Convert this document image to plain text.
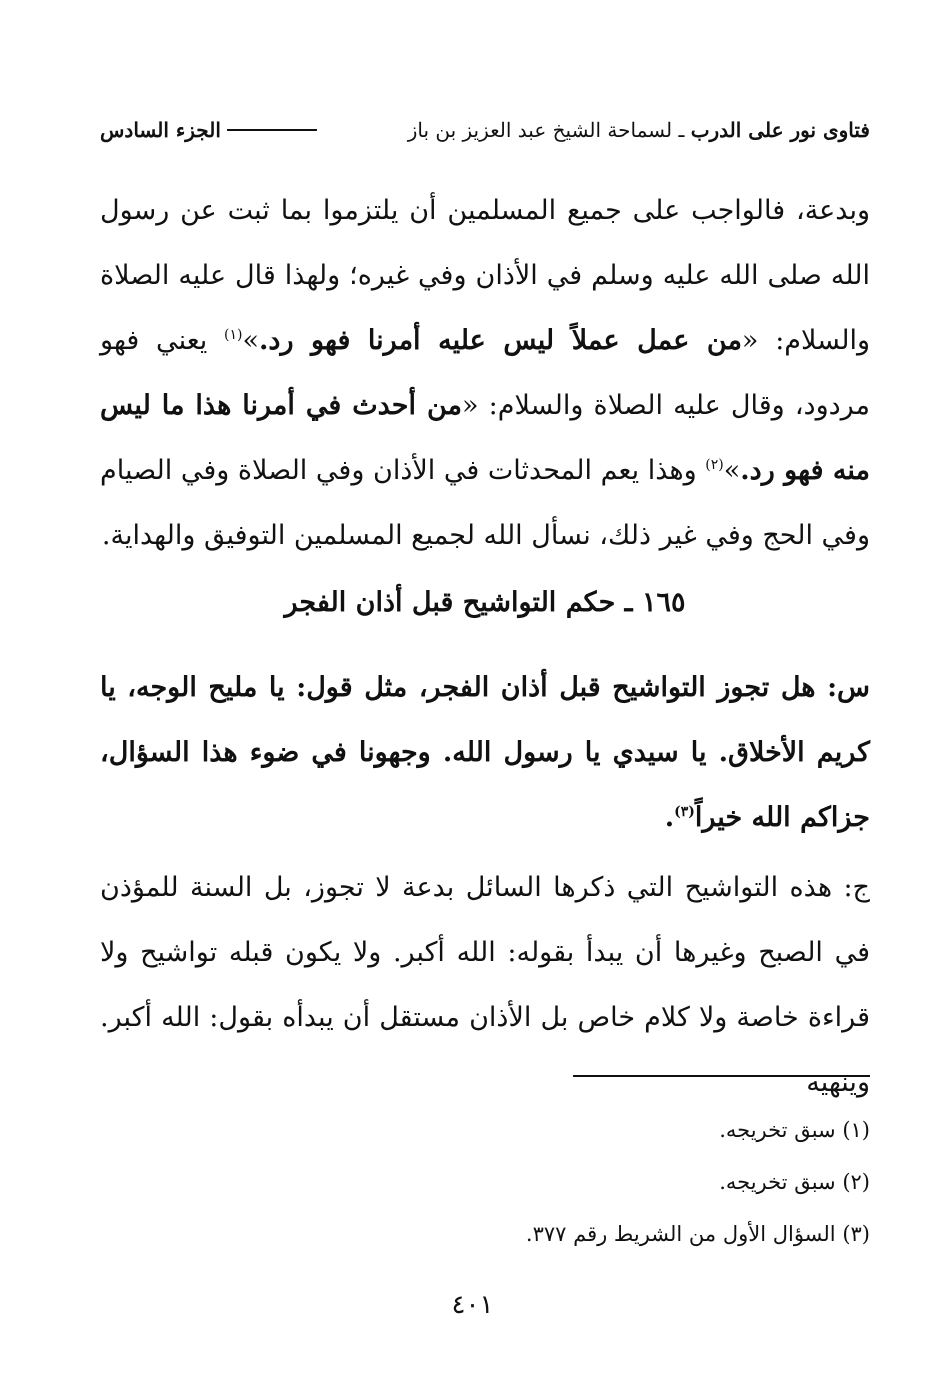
فتاوى نور على الدرب ـ لسماحة الشيخ عبد العزيز بن باز
الجزء السادس
وبدعة، فالواجب على جميع المسلمين أن يلتزموا بما ثبت عن رسول الله صلى الله عليه وسلم في الأذان وفي غيره؛ ولهذا قال عليه الصلاة والسلام: «من عمل عملاً ليس عليه أمرنا فهو رد.»$^{(١)}$ يعني فهو مردود، وقال عليه الصلاة والسلام: «من أحدث في أمرنا هذا ما ليس منه فهو رد.»$^{(٢)}$ وهذا يعم المحدثات في الأذان وفي الصلاة وفي الصيام وفي الحج وفي غير ذلك، نسأل الله لجميع المسلمين التوفيق والهداية.
١٦٥ ـ حكم التواشيح قبل أذان الفجر
س: هل تجوز التواشيح قبل أذان الفجر، مثل قول: يا مليح الوجه، يا كريم الأخلاق. يا سيدي يا رسول الله. وجهونا في ضوء هذا السؤال، جزاكم الله خيراً$^{(٣)}$.
ج: هذه التواشيح التي ذكرها السائل بدعة لا تجوز، بل السنة للمؤذن في الصبح وغيرها أن يبدأ بقوله: الله أكبر. ولا يكون قبله تواشيح ولا قراءة خاصة ولا كلام خاص بل الأذان مستقل أن يبدأه بقول: الله أكبر. وينهيه
(١) سبق تخريجه.
(٢) سبق تخريجه.
(٣) السؤال الأول من الشريط رقم ٣٧٧.
٤٠١
